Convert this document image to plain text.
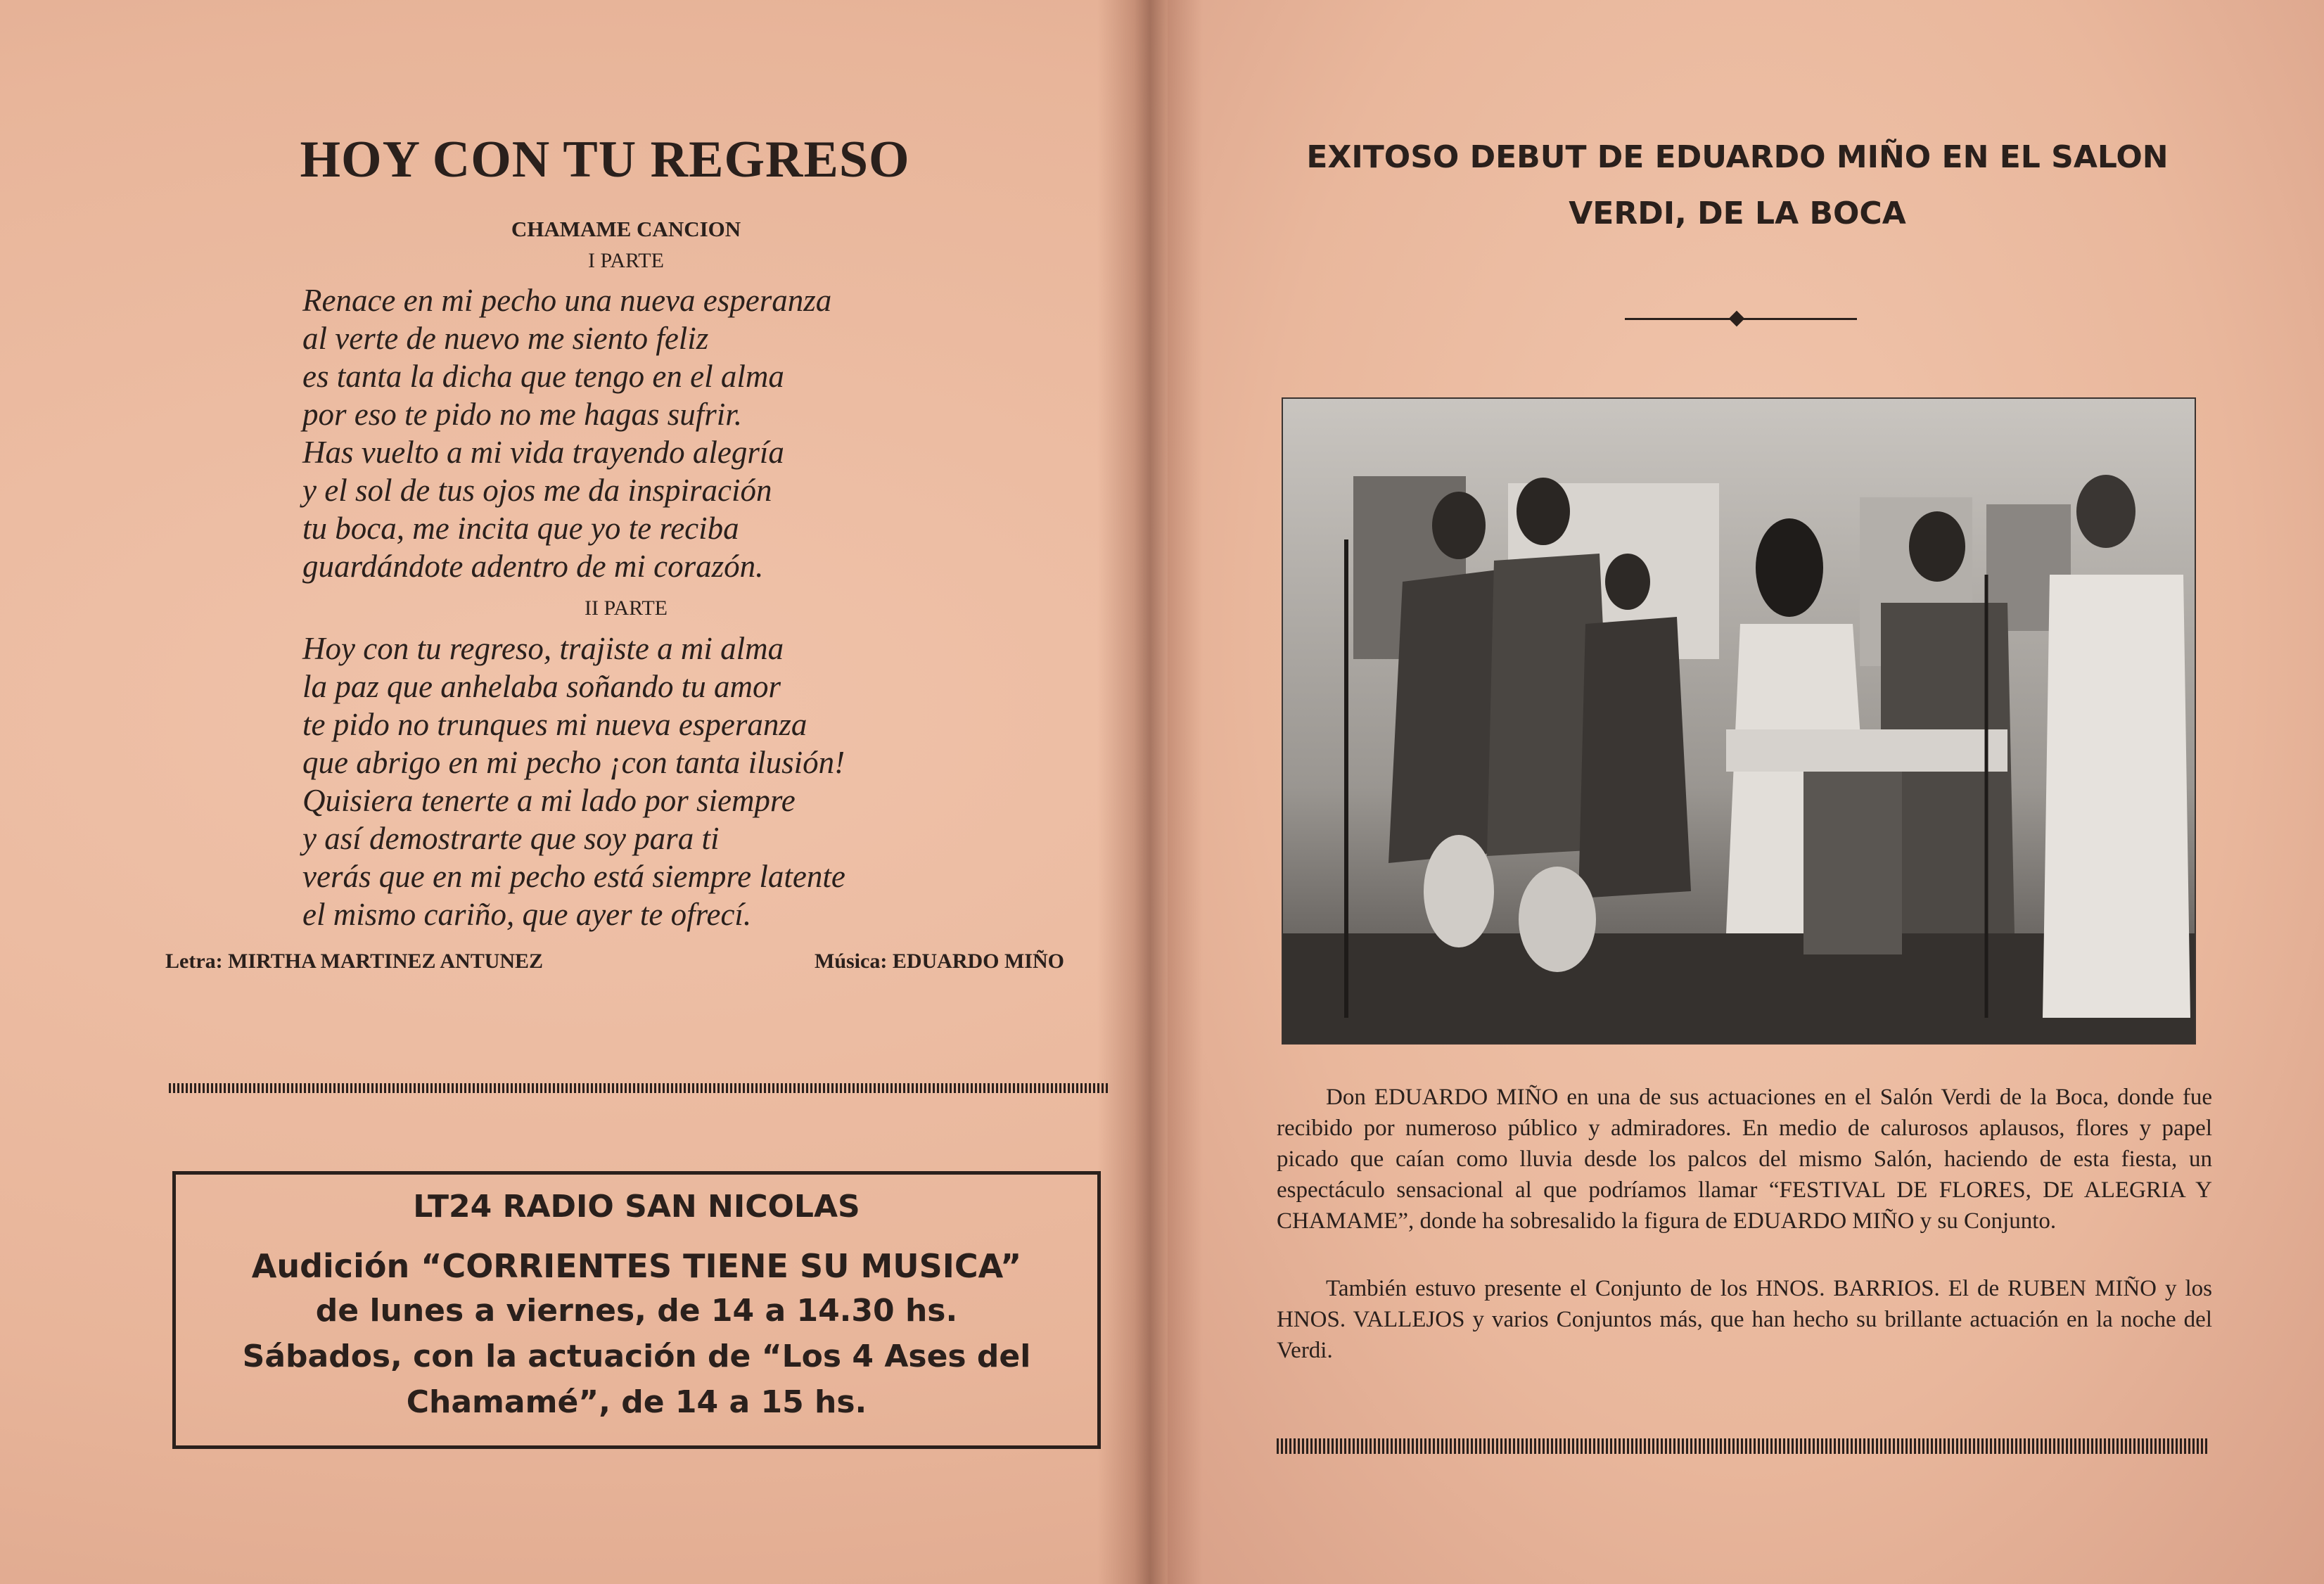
HOY CON TU REGRESO
CHAMAME CANCION
I PARTE
Renace en mi pecho una nueva esperanza
al verte de nuevo me siento feliz
es tanta la dicha que tengo en el alma
por eso te pido no me hagas sufrir.
Has vuelto a mi vida trayendo alegría
y el sol de tus ojos me da inspiración
tu boca, me incita que yo te reciba
guardándote adentro de mi corazón.
II PARTE
Hoy con tu regreso, trajiste a mi alma
la paz que anhelaba soñando tu amor
te pido no trunques mi nueva esperanza
que abrigo en mi pecho ¡con tanta ilusión!
Quisiera tenerte a mi lado por siempre
y así demostrarte que soy para ti
verás que en mi pecho está siempre latente
el mismo cariño, que ayer te ofrecí.
Letra: MIRTHA MARTINEZ ANTUNEZ	Música: EDUARDO MIÑO
LT24 RADIO SAN NICOLAS
Audición “CORRIENTES TIENE SU MUSICA”
de lunes a viernes, de 14 a 14.30 hs.
Sábados, con la actuación de “Los 4 Ases del
Chamamé”, de 14 a 15 hs.
EXITOSO DEBUT DE EDUARDO MIÑO EN EL SALON
VERDI, DE LA BOCA
Don EDUARDO MIÑO en una de sus actuaciones en el Salón Verdi de la Boca, donde fue recibido por numeroso público y admiradores. En medio de calurosos aplausos, flores y papel picado que caían como lluvia desde los palcos del mismo Salón, haciendo de esta fiesta, un espectáculo sensacional al que podríamos llamar “FESTIVAL DE FLORES, DE ALEGRIA Y CHAMAME”, donde ha sobresalido la figura de EDUARDO MIÑO y su Conjunto.
También estuvo presente el Conjunto de los HNOS. BARRIOS. El de RUBEN MIÑO y los HNOS. VALLEJOS y varios Conjuntos más, que han hecho su brillante actuación en la noche del Verdi.
